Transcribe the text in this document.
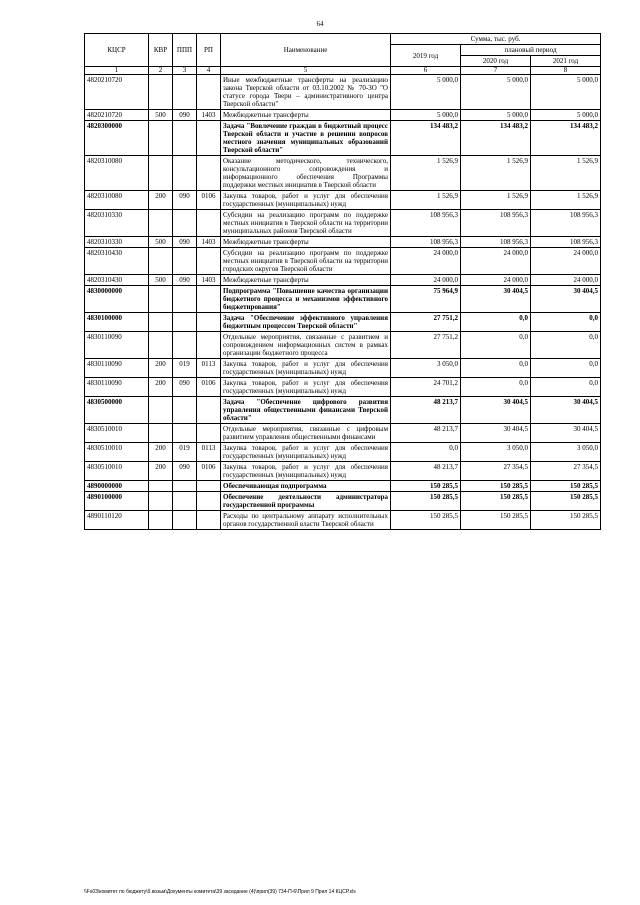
64
КЦСР	КВР	ППП	РП	Наименование	Сумма, тыс. руб.		
					2019 год	плановый период	
						2020 год	2021 год
1	2	3	4	5	6	7	8
4820210720				Иные межбюджетные трансферты на реализацию закона Тверской области от 03.10.2002 № 70-ЗО "О статусе города Твери – административного центра Тверской области"	5 000,0	5 000,0	5 000,0
4820210720	500	090	1403	Межбюджетные трансферты	5 000,0	5 000,0	5 000,0
4820300000				Задача "Вовлечение граждан в бюджетный процесс Тверской области и участие в решении вопросов местного значения муниципальных образований Тверской области"	134 483,2	134 483,2	134 483,2
4820310080				Оказание методического, технического, консультационного сопровождения и информационного обеспечения Программы поддержки местных инициатив в Тверской области	1 526,9	1 526,9	1 526,9
4820310080	200	090	0106	Закупка товаров, работ и услуг для обеспечения государственных (муниципальных) нужд	1 526,9	1 526,9	1 526,9
4820310330				Субсидии на реализацию программ по поддержке местных инициатив в Тверской области на территории муниципальных районов Тверской области	108 956,3	108 956,3	108 956,3
4820310330	500	090	1403	Межбюджетные трансферты	108 956,3	108 956,3	108 956,3
4820310430				Субсидии на реализацию программ по поддержке местных инициатив в Тверской области на территории городских округов Тверской области	24 000,0	24 000,0	24 000,0
4820310430	500	090	1403	Межбюджетные трансферты	24 000,0	24 000,0	24 000,0
4830000000				Подпрограмма "Повышение качества организации бюджетного процесса и механизмов эффективного бюджетирования"	75 964,9	30 404,5	30 404,5
4830100000				Задача "Обеспечение эффективного управления бюджетным процессом Тверской области"	27 751,2	0,0	0,0
4830110090				Отдельные мероприятия, связанные с развитием и сопровождением информационных систем в рамках организации бюджетного процесса	27 751,2	0,0	0,0
4830110090	200	019	0113	Закупка товаров, работ и услуг для обеспечения государственных (муниципальных) нужд	3 050,0	0,0	0,0
4830110090	200	090	0106	Закупка товаров, работ и услуг для обеспечения государственных (муниципальных) нужд	24 701,2	0,0	0,0
4830500000				Задача "Обеспечение цифрового развития управления общественными финансами Тверской области"	48 213,7	30 404,5	30 404,5
4830510010				Отдельные мероприятия, связанные с цифровым развитием управления общественными финансами	48 213,7	30 404,5	30 404,5
4830510010	200	019	0113	Закупка товаров, работ и услуг для обеспечения государственных (муниципальных) нужд	0,0	3 050,0	3 050,0
4830510010	200	090	0106	Закупка товаров, работ и услуг для обеспечения государственных (муниципальных) нужд	48 213,7	27 354,5	27 354,5
4890000000				Обеспечивающая подпрограмма	150 285,5	150 285,5	150 285,5
4890100000				Обеспечение деятельности администратора государственной программы	150 285,5	150 285,5	150 285,5
4890110120				Расходы по центральному аппарату исполнительных органов государственной власти Тверской области	150 285,5	150 285,5	150 285,5
\\Fs03\комитет по бюджету\б.возьм\Документы комитета\39 заседание (4)\прил(39) 734-П-6\Прил 9 Прил 14 КЦСР.xls
